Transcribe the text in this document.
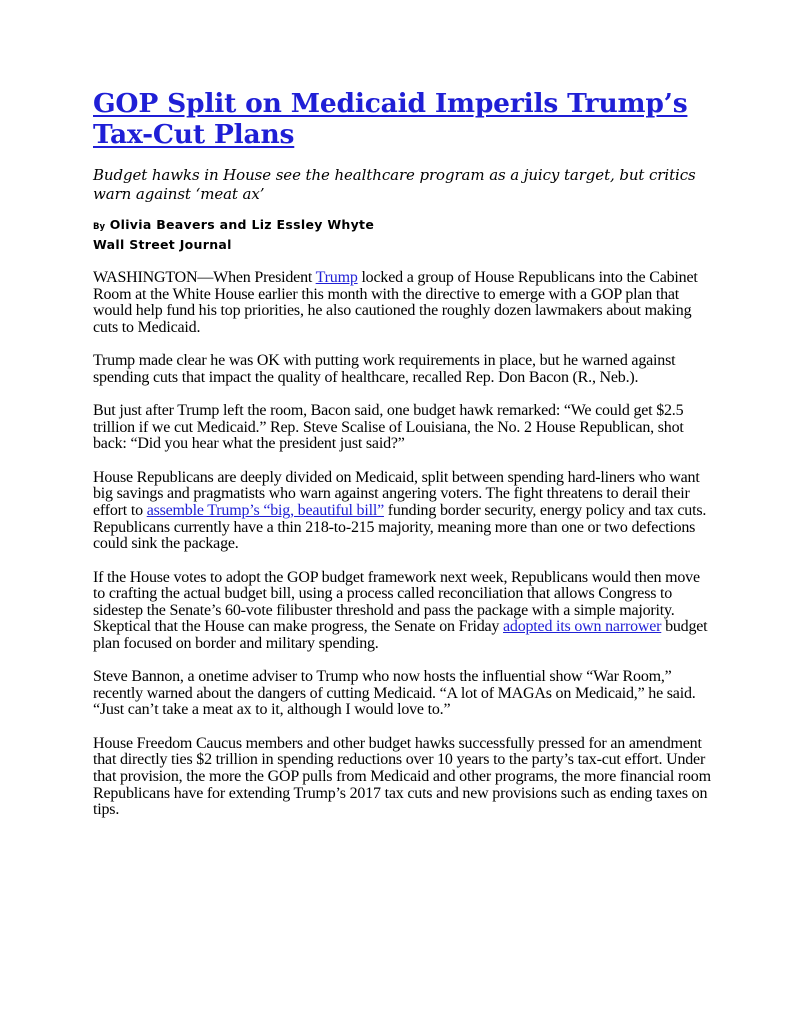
GOP Split on Medicaid Imperils Trump’s Tax-Cut Plans

Budget hawks in House see the healthcare program as a juicy target, but critics warn against ‘meat ax’

By Olivia Beavers and Liz Essley Whyte
Wall Street Journal

WASHINGTON—When President Trump locked a group of House Republicans into the Cabinet Room at the White House earlier this month with the directive to emerge with a GOP plan that would help fund his top priorities, he also cautioned the roughly dozen lawmakers about making cuts to Medicaid.

Trump made clear he was OK with putting work requirements in place, but he warned against spending cuts that impact the quality of healthcare, recalled Rep. Don Bacon (R., Neb.).

But just after Trump left the room, Bacon said, one budget hawk remarked: “We could get $2.5 trillion if we cut Medicaid.” Rep. Steve Scalise of Louisiana, the No. 2 House Republican, shot back: “Did you hear what the president just said?”

House Republicans are deeply divided on Medicaid, split between spending hard-liners who want big savings and pragmatists who warn against angering voters. The fight threatens to derail their effort to assemble Trump’s “big, beautiful bill” funding border security, energy policy and tax cuts. Republicans currently have a thin 218-to-215 majority, meaning more than one or two defections could sink the package.

If the House votes to adopt the GOP budget framework next week, Republicans would then move to crafting the actual budget bill, using a process called reconciliation that allows Congress to sidestep the Senate’s 60-vote filibuster threshold and pass the package with a simple majority. Skeptical that the House can make progress, the Senate on Friday adopted its own narrower budget plan focused on border and military spending.

Steve Bannon, a onetime adviser to Trump who now hosts the influential show “War Room,” recently warned about the dangers of cutting Medicaid. “A lot of MAGAs on Medicaid,” he said. “Just can’t take a meat ax to it, although I would love to.”

House Freedom Caucus members and other budget hawks successfully pressed for an amendment that directly ties $2 trillion in spending reductions over 10 years to the party’s tax-cut effort. Under that provision, the more the GOP pulls from Medicaid and other programs, the more financial room Republicans have for extending Trump’s 2017 tax cuts and new provisions such as ending taxes on tips.
